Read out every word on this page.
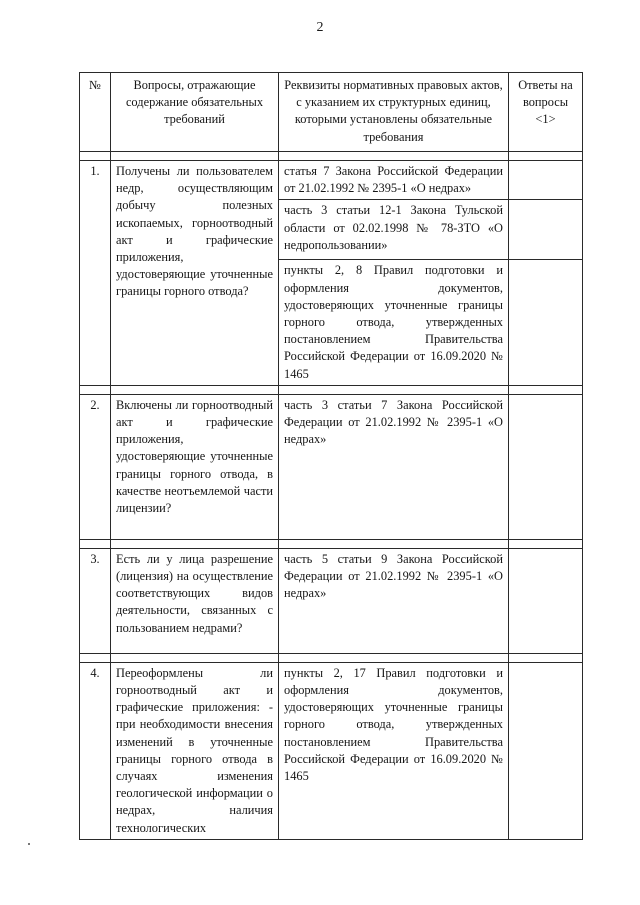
2
№	Вопросы, отражающие содержание обязательных требований	Реквизиты нормативных правовых актов, с указанием их структурных единиц, которыми установлены обязательные требования	Ответы на вопросы <1>

1.	Получены ли пользователем недр, осуществляющим добычу полезных ископаемых, горноотводный акт и графические приложения, удостоверяющие уточненные границы горного отвода?	статья 7 Закона Российской Федерации от 21.02.1992 № 2395-1 «О недрах»	
		часть 3 статьи 12-1 Закона Тульской области от 02.02.1998 № 78-ЗТО «О недропользовании»	
		пункты 2, 8 Правил подготовки и оформления документов, удостоверяющих уточненные границы горного отвода, утвержденных постановлением Правительства Российской Федерации от 16.09.2020 № 1465	

2.	Включены ли горноотводный акт и графические приложения, удостоверяющие уточненные границы горного отвода, в качестве неотъемлемой части лицензии?	часть 3 статьи 7 Закона Российской Федерации от 21.02.1992 № 2395-1 «О недрах»	

3.	Есть ли у лица разрешение (лицензия) на осуществление соответствующих видов деятельности, связанных с пользованием недрами?	часть 5 статьи 9 Закона Российской Федерации от 21.02.1992 № 2395-1 «О недрах»	

4.	Переоформлены ли горноотводный акт и графические приложения: - при необходимости внесения изменений в уточненные границы горного отвода в случаях изменения геологической информации о недрах, наличия технологических	пункты 2, 17 Правил подготовки и оформления документов, удостоверяющих уточненные границы горного отвода, утвержденных постановлением Правительства Российской Федерации от 16.09.2020 № 1465	
